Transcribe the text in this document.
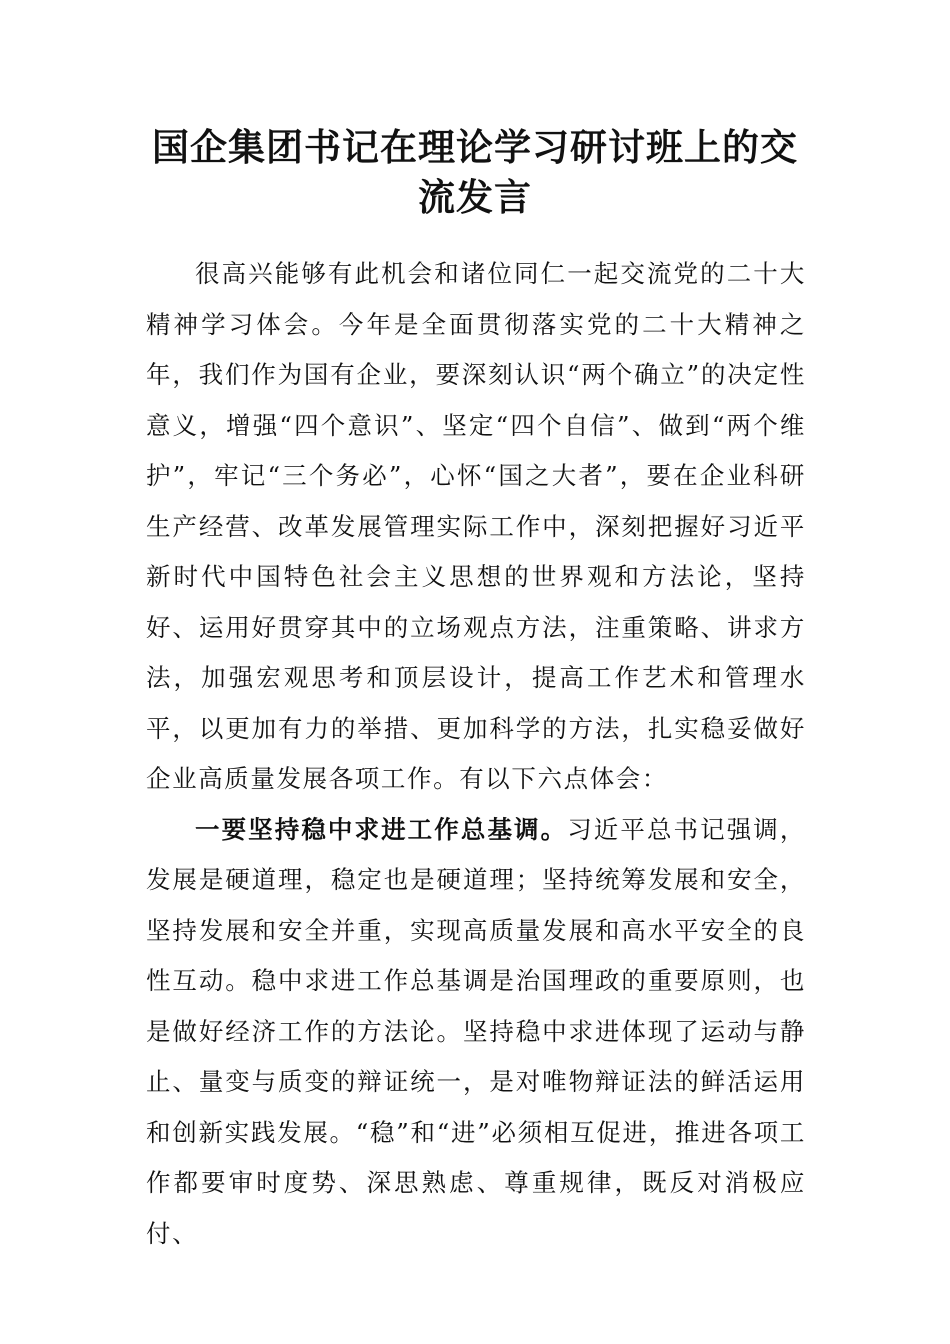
国企集团书记在理论学习研讨班上的交流发言

很高兴能够有此机会和诸位同仁一起交流党的二十大精神学习体会。今年是全面贯彻落实党的二十大精神之年，我们作为国有企业，要深刻认识“两个确立”的决定性意义，增强“四个意识”、坚定“四个自信”、做到“两个维护”，牢记“三个务必”，心怀“国之大者”，要在企业科研生产经营、改革发展管理实际工作中，深刻把握好习近平新时代中国特色社会主义思想的世界观和方法论，坚持好、运用好贯穿其中的立场观点方法，注重策略、讲求方法，加强宏观思考和顶层设计，提高工作艺术和管理水平，以更加有力的举措、更加科学的方法，扎实稳妥做好企业高质量发展各项工作。有以下六点体会：

一要坚持稳中求进工作总基调。习近平总书记强调，发展是硬道理，稳定也是硬道理；坚持统筹发展和安全，坚持发展和安全并重，实现高质量发展和高水平安全的良性互动。稳中求进工作总基调是治国理政的重要原则，也是做好经济工作的方法论。坚持稳中求进体现了运动与静止、量变与质变的辩证统一，是对唯物辩证法的鲜活运用和创新实践发展。“稳”和“进”必须相互促进，推进各项工作都要审时度势、深思熟虑、尊重规律，既反对消极应付、
